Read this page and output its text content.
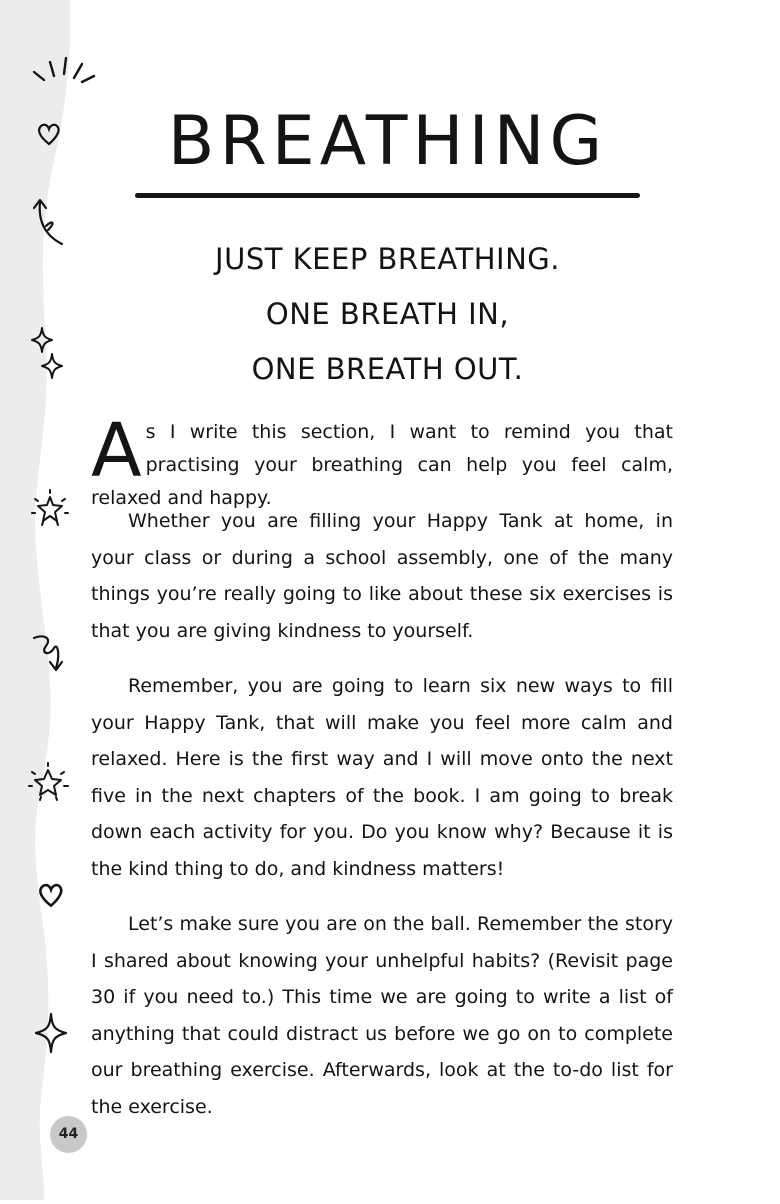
BREATHING
JUST KEEP BREATHING.
ONE BREATH IN,
ONE BREATH OUT.
As I write this section, I want to remind you that practising your breathing can help you feel calm, relaxed and happy.

Whether you are filling your Happy Tank at home, in your class or during a school assembly, one of the many things you’re really going to like about these six exercises is that you are giving kindness to yourself.

Remember, you are going to learn six new ways to fill your Happy Tank, that will make you feel more calm and relaxed. Here is the first way and I will move onto the next five in the next chapters of the book. I am going to break down each activity for you. Do you know why? Because it is the kind thing to do, and kindness matters!

Let’s make sure you are on the ball. Remember the story I shared about knowing your unhelpful habits? (Revisit page 30 if you need to.) This time we are going to write a list of anything that could distract us before we go on to complete our breathing exercise. Afterwards, look at the to-do list for the exercise.

44
